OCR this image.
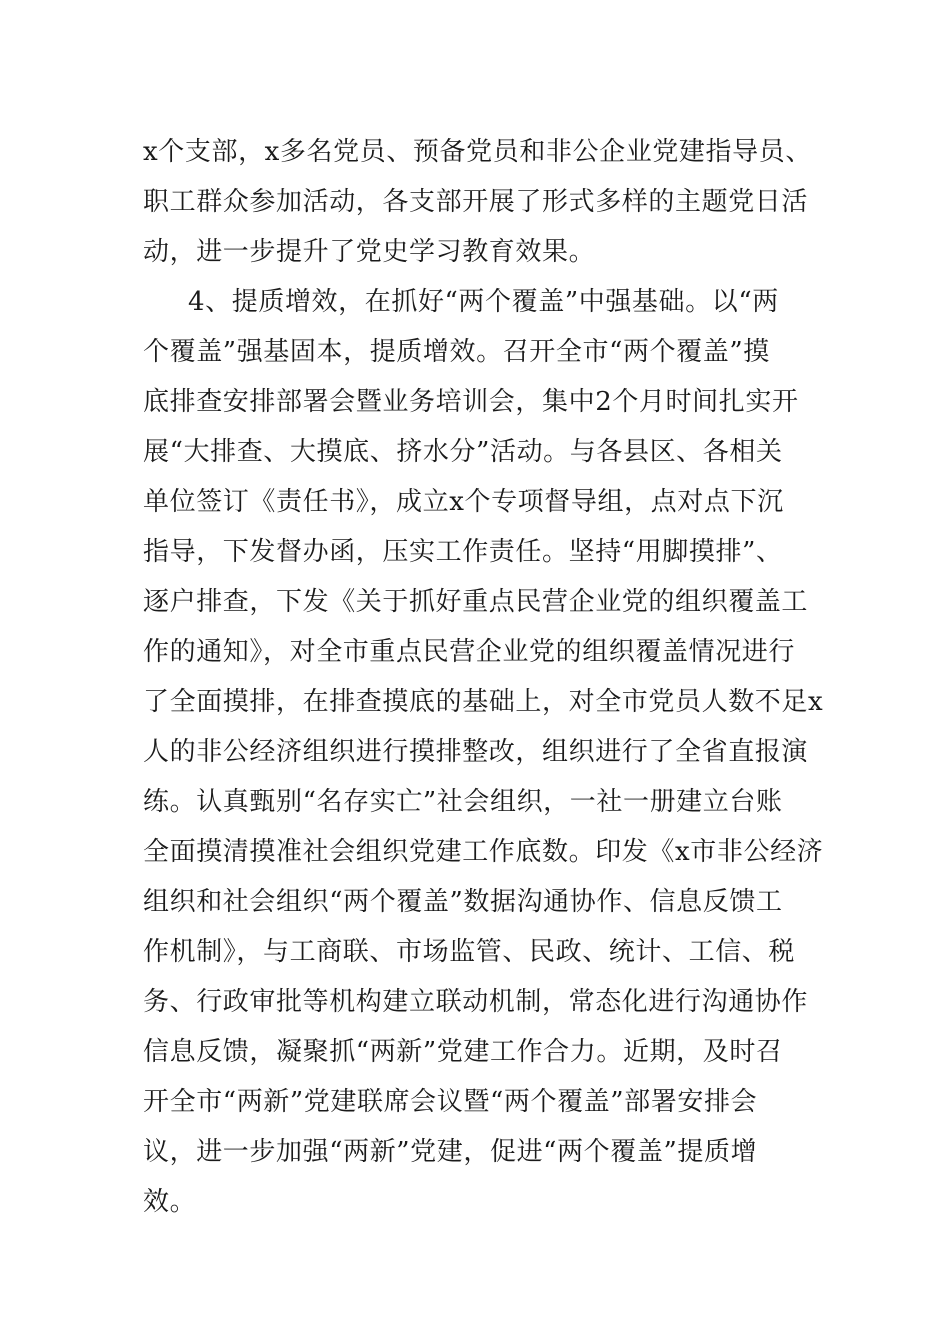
x个支部，x多名党员、预备党员和非公企业党建指导员、
职工群众参加活动，各支部开展了形式多样的主题党日活
动，进一步提升了党史学习教育效果。
4、提质增效，在抓好“两个覆盖”中强基础。以“两
个覆盖”强基固本，提质增效。召开全市“两个覆盖”摸
底排查安排部署会暨业务培训会，集中2个月时间扎实开
展“大排查、大摸底、挤水分”活动。与各县区、各相关
单位签订《责任书》，成立x个专项督导组，点对点下沉
指导，下发督办函，压实工作责任。坚持“用脚摸排”、
逐户排查，下发《关于抓好重点民营企业党的组织覆盖工
作的通知》，对全市重点民营企业党的组织覆盖情况进行
了全面摸排，在排查摸底的基础上，对全市党员人数不足x
人的非公经济组织进行摸排整改，组织进行了全省直报演
练。认真甄别“名存实亡”社会组织，一社一册建立台账
全面摸清摸准社会组织党建工作底数。印发《x市非公经济
组织和社会组织“两个覆盖”数据沟通协作、信息反馈工
作机制》，与工商联、市场监管、民政、统计、工信、税
务、行政审批等机构建立联动机制，常态化进行沟通协作
信息反馈，凝聚抓“两新”党建工作合力。近期，及时召
开全市“两新”党建联席会议暨“两个覆盖”部署安排会
议，进一步加强“两新”党建，促进“两个覆盖”提质增
效。
